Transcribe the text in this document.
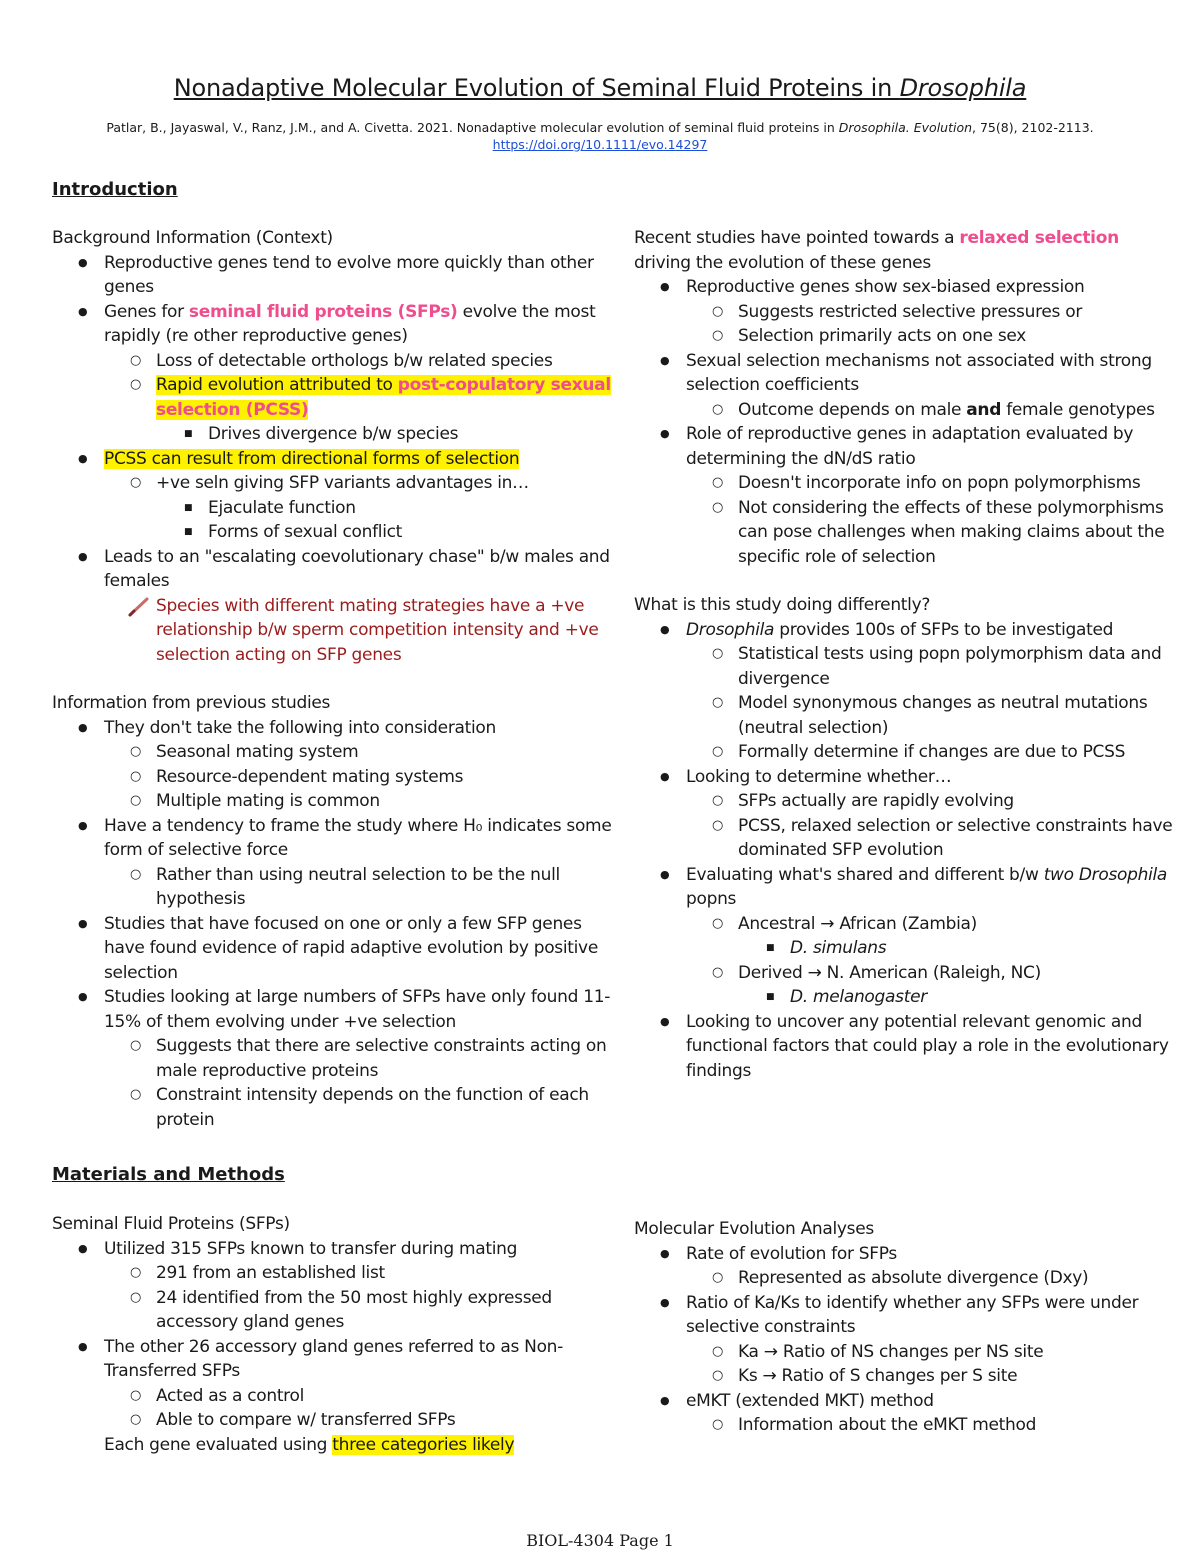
Nonadaptive Molecular Evolution of Seminal Fluid Proteins in Drosophila
Patlar, B., Jayaswal, V., Ranz, J.M., and A. Civetta. 2021. Nonadaptive molecular evolution of seminal fluid proteins in Drosophila. Evolution, 75(8), 2102-2113.
https://doi.org/10.1111/evo.14297
Introduction
Background Information (Context)
● Reproductive genes tend to evolve more quickly than other genes
● Genes for seminal fluid proteins (SFPs) evolve the most rapidly (re other reproductive genes)
○ Loss of detectable orthologs b/w related species
○ Rapid evolution attributed to post-copulatory sexual selection (PCSS)
■ Drives divergence b/w species
● PCSS can result from directional forms of selection
○ +ve seln giving SFP variants advantages in…
■ Ejaculate function
■ Forms of sexual conflict
● Leads to an "escalating coevolutionary chase" b/w males and females
Species with different mating strategies have a +ve relationship b/w sperm competition intensity and +ve selection acting on SFP genes
Information from previous studies
● They don't take the following into consideration
○ Seasonal mating system
○ Resource-dependent mating systems
○ Multiple mating is common
● Have a tendency to frame the study where H₀ indicates some form of selective force
○ Rather than using neutral selection to be the null hypothesis
● Studies that have focused on one or only a few SFP genes have found evidence of rapid adaptive evolution by positive selection
● Studies looking at large numbers of SFPs have only found 11-15% of them evolving under +ve selection
○ Suggests that there are selective constraints acting on male reproductive proteins
○ Constraint intensity depends on the function of each protein
Recent studies have pointed towards a relaxed selection driving the evolution of these genes
● Reproductive genes show sex-biased expression
○ Suggests restricted selective pressures or
○ Selection primarily acts on one sex
● Sexual selection mechanisms not associated with strong selection coefficients
○ Outcome depends on male and female genotypes
● Role of reproductive genes in adaptation evaluated by determining the dN/dS ratio
○ Doesn't incorporate info on popn polymorphisms
○ Not considering the effects of these polymorphisms can pose challenges when making claims about the specific role of selection
What is this study doing differently?
● Drosophila provides 100s of SFPs to be investigated
○ Statistical tests using popn polymorphism data and divergence
○ Model synonymous changes as neutral mutations (neutral selection)
○ Formally determine if changes are due to PCSS
● Looking to determine whether…
○ SFPs actually are rapidly evolving
○ PCSS, relaxed selection or selective constraints have dominated SFP evolution
● Evaluating what's shared and different b/w two Drosophila popns
○ Ancestral → African (Zambia)
■ D. simulans
○ Derived → N. American (Raleigh, NC)
■ D. melanogaster
● Looking to uncover any potential relevant genomic and functional factors that could play a role in the evolutionary findings
Materials and Methods
Seminal Fluid Proteins (SFPs)
● Utilized 315 SFPs known to transfer during mating
○ 291 from an established list
○ 24 identified from the 50 most highly expressed accessory gland genes
● The other 26 accessory gland genes referred to as Non-Transferred SFPs
○ Acted as a control
○ Able to compare w/ transferred SFPs
Each gene evaluated using three categories likely
Molecular Evolution Analyses
● Rate of evolution for SFPs
○ Represented as absolute divergence (Dxy)
● Ratio of Ka/Ks to identify whether any SFPs were under selective constraints
○ Ka → Ratio of NS changes per NS site
○ Ks → Ratio of S changes per S site
● eMKT (extended MKT) method
○ Information about the eMKT method
BIOL-4304 Page 1
